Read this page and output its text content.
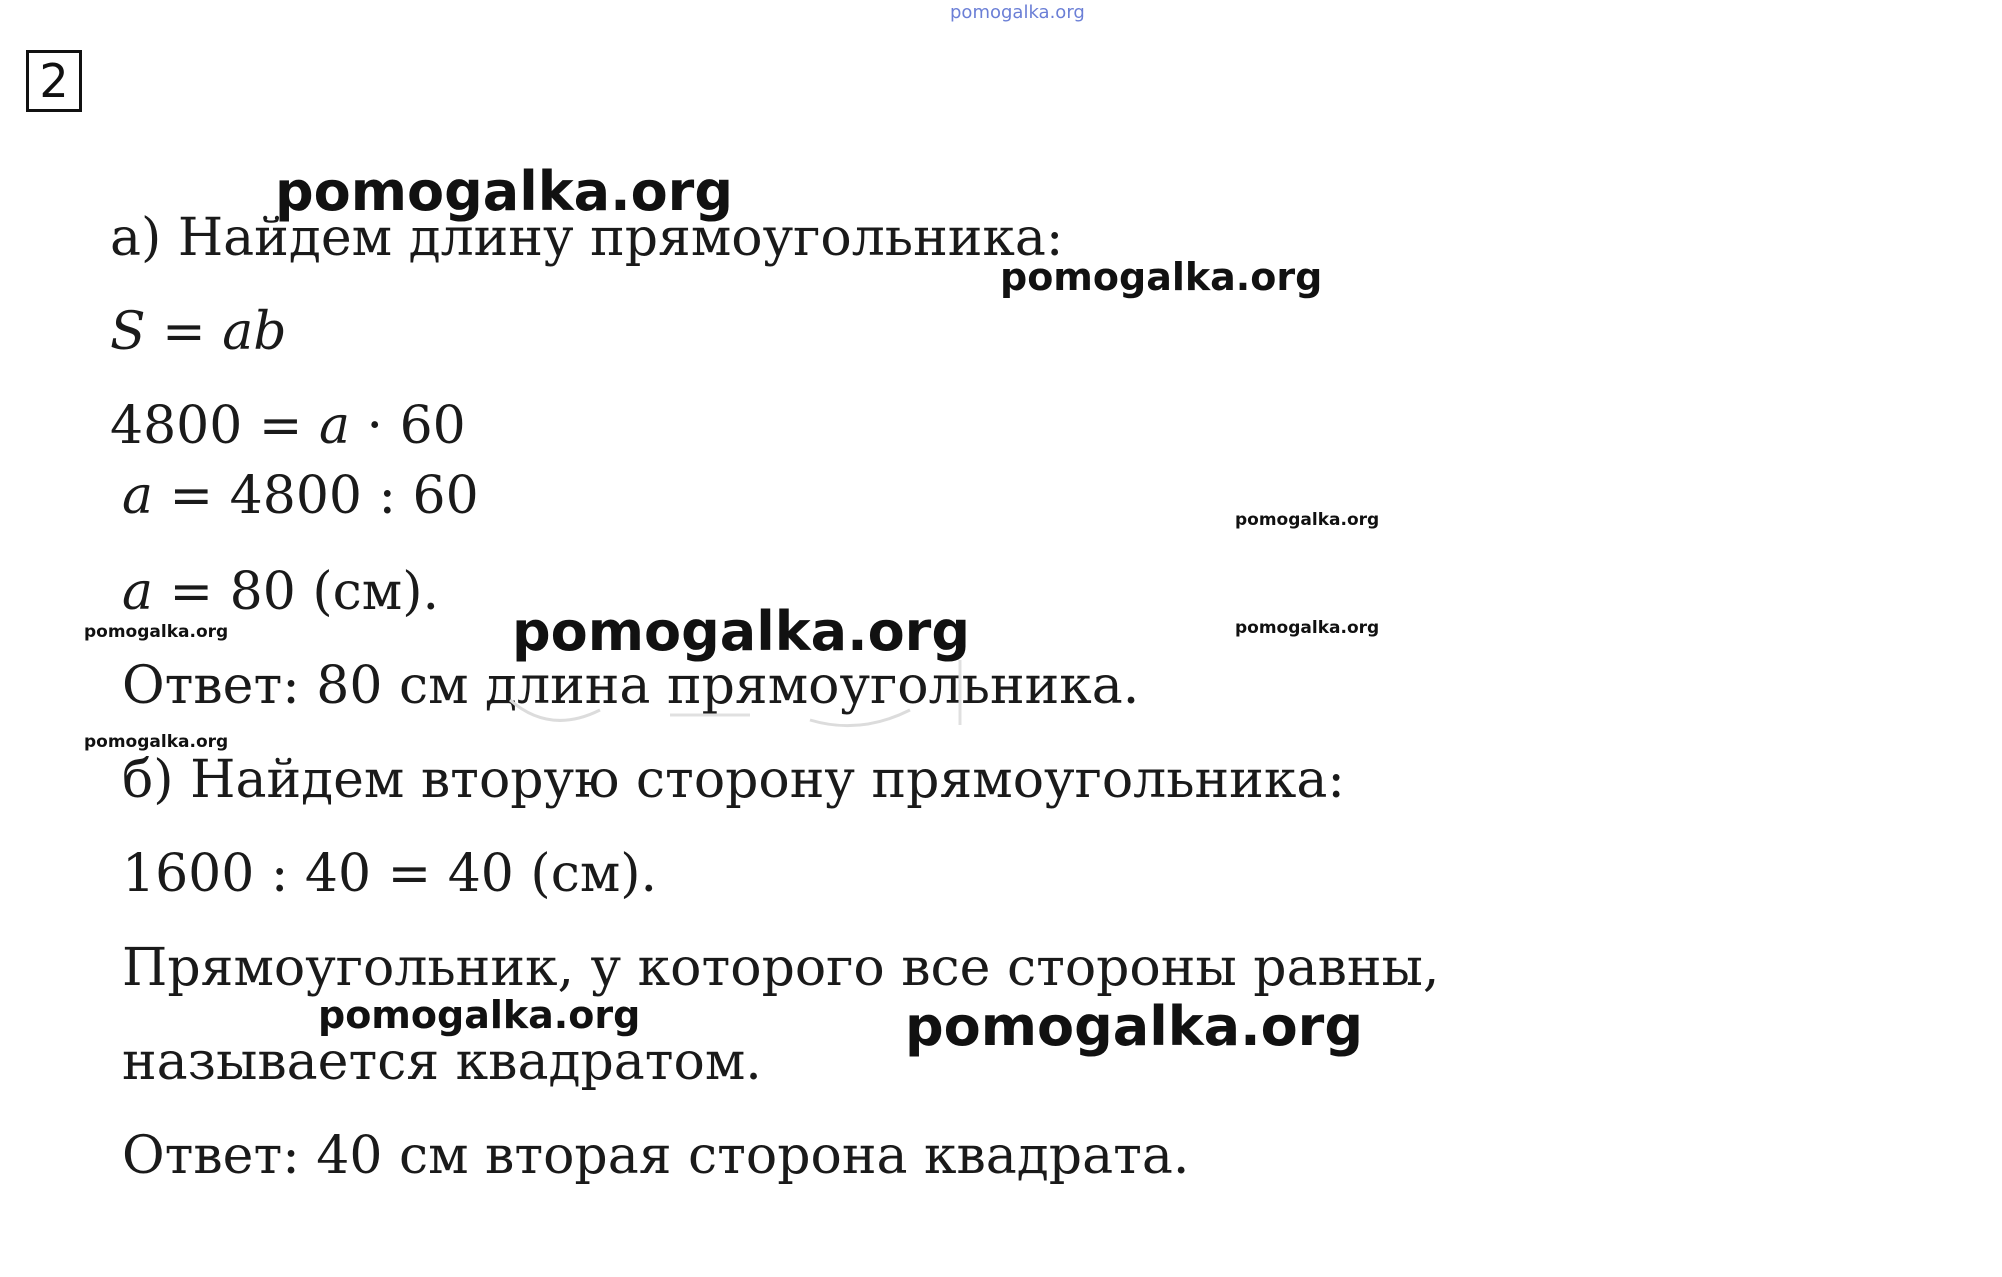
pomogalka.org
2
а) Найдем длину прямоугольника:
S = ab
4800 = a · 60
a = 4800 : 60
a = 80 (см).
Ответ: 80 см длина прямоугольника.
б) Найдем вторую сторону прямоугольника:
1600 : 40 = 40 (см).
Прямоугольник, у которого все стороны равны,
называется квадратом.
Ответ: 40 см вторая сторона квадрата.
pomogalka.org
pomogalka.org
pomogalka.org
pomogalka.org
pomogalka.org	pomogalka.org
pomogalka.org
pomogalka.org	pomogalka.org
